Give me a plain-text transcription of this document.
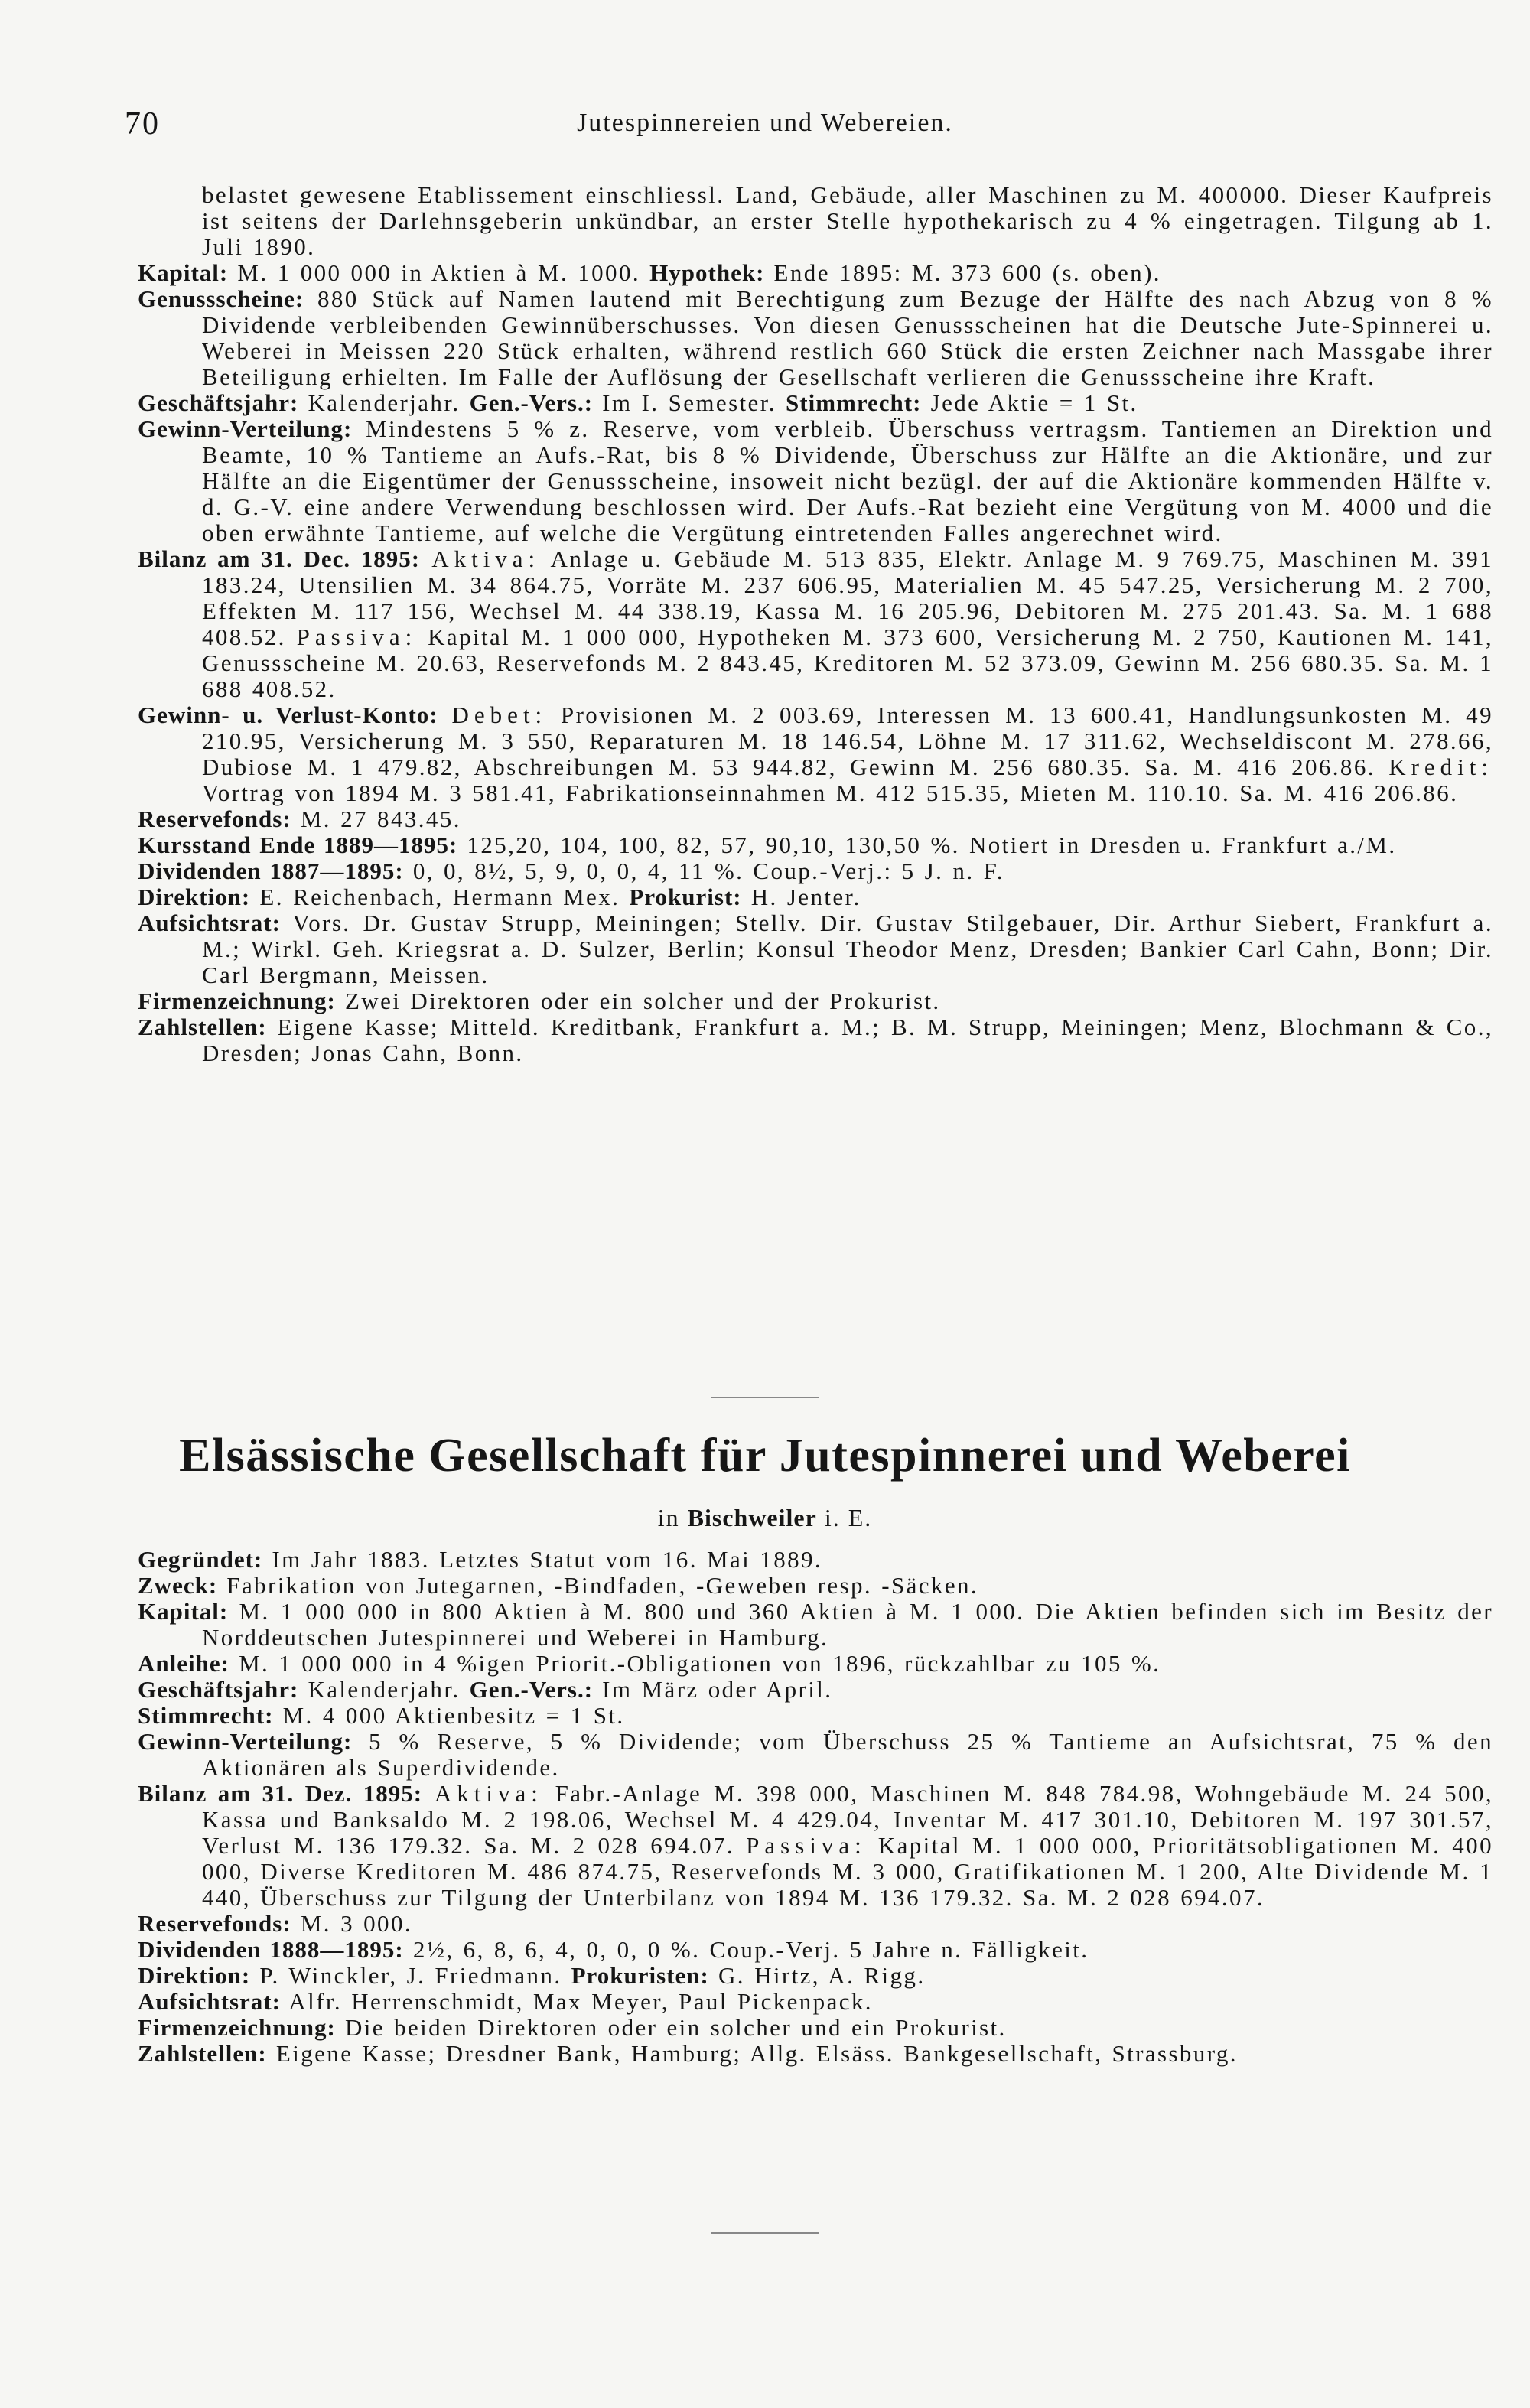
70	Jutespinnereien und Webereien.

belastet gewesene Etablissement einschliessl. Land, Gebäude, aller Maschinen zu M. 400000. Dieser Kaufpreis ist seitens der Darlehnsgeberin unkündbar, an erster Stelle hypothekarisch zu 4 % eingetragen. Tilgung ab 1. Juli 1890.

Kapital: M. 1 000 000 in Aktien à M. 1000. Hypothek: Ende 1895: M. 373 600 (s. oben).

Genussscheine: 880 Stück auf Namen lautend mit Berechtigung zum Bezuge der Hälfte des nach Abzug von 8 % Dividende verbleibenden Gewinnüberschusses. Von diesen Genussscheinen hat die Deutsche Jute-Spinnerei u. Weberei in Meissen 220 Stück erhalten, während restlich 660 Stück die ersten Zeichner nach Massgabe ihrer Beteiligung erhielten. Im Falle der Auflösung der Gesellschaft verlieren die Genussscheine ihre Kraft.

Geschäftsjahr: Kalenderjahr. Gen.-Vers.: Im I. Semester. Stimmrecht: Jede Aktie = 1 St.

Gewinn-Verteilung: Mindestens 5 % z. Reserve, vom verbleib. Überschuss vertragsm. Tantiemen an Direktion und Beamte, 10 % Tantieme an Aufs.-Rat, bis 8 % Dividende, Überschuss zur Hälfte an die Aktionäre, und zur Hälfte an die Eigentümer der Genussscheine, insoweit nicht bezügl. der auf die Aktionäre kommenden Hälfte v. d. G.-V. eine andere Verwendung beschlossen wird. Der Aufs.-Rat bezieht eine Vergütung von M. 4000 und die oben erwähnte Tantieme, auf welche die Vergütung eintretenden Falles angerechnet wird.

Bilanz am 31. Dec. 1895: Aktiva: Anlage u. Gebäude M. 513 835, Elektr. Anlage M. 9 769.75, Maschinen M. 391 183.24, Utensilien M. 34 864.75, Vorräte M. 237 606.95, Materialien M. 45 547.25, Versicherung M. 2 700, Effekten M. 117 156, Wechsel M. 44 338.19, Kassa M. 16 205.96, Debitoren M. 275 201.43. Sa. M. 1 688 408.52. Passiva: Kapital M. 1 000 000, Hypotheken M. 373 600, Versicherung M. 2 750, Kautionen M. 141, Genussscheine M. 20.63, Reservefonds M. 2 843.45, Kreditoren M. 52 373.09, Gewinn M. 256 680.35. Sa. M. 1 688 408.52.

Gewinn- u. Verlust-Konto: Debet: Provisionen M. 2 003.69, Interessen M. 13 600.41, Handlungsunkosten M. 49 210.95, Versicherung M. 3 550, Reparaturen M. 18 146.54, Löhne M. 17 311.62, Wechseldiscont M. 278.66, Dubiose M. 1 479.82, Abschreibungen M. 53 944.82, Gewinn M. 256 680.35. Sa. M. 416 206.86. Kredit: Vortrag von 1894 M. 3 581.41, Fabrikationseinnahmen M. 412 515.35, Mieten M. 110.10. Sa. M. 416 206.86.

Reservefonds: M. 27 843.45.

Kursstand Ende 1889—1895: 125,20, 104, 100, 82, 57, 90,10, 130,50 %. Notiert in Dresden u. Frankfurt a./M.

Dividenden 1887—1895: 0, 0, 8½, 5, 9, 0, 0, 4, 11 %. Coup.-Verj.: 5 J. n. F.

Direktion: E. Reichenbach, Hermann Mex. Prokurist: H. Jenter.

Aufsichtsrat: Vors. Dr. Gustav Strupp, Meiningen; Stellv. Dir. Gustav Stilgebauer, Dir. Arthur Siebert, Frankfurt a. M.; Wirkl. Geh. Kriegsrat a. D. Sulzer, Berlin; Konsul Theodor Menz, Dresden; Bankier Carl Cahn, Bonn; Dir. Carl Bergmann, Meissen.

Firmenzeichnung: Zwei Direktoren oder ein solcher und der Prokurist.

Zahlstellen: Eigene Kasse; Mitteld. Kreditbank, Frankfurt a. M.; B. M. Strupp, Meiningen; Menz, Blochmann & Co., Dresden; Jonas Cahn, Bonn.

Elsässische Gesellschaft für Jutespinnerei und Weberei
in Bischweiler i. E.

Gegründet: Im Jahr 1883. Letztes Statut vom 16. Mai 1889.

Zweck: Fabrikation von Jutegarnen, -Bindfaden, -Geweben resp. -Säcken.

Kapital: M. 1 000 000 in 800 Aktien à M. 800 und 360 Aktien à M. 1 000. Die Aktien befinden sich im Besitz der Norddeutschen Jutespinnerei und Weberei in Hamburg.

Anleihe: M. 1 000 000 in 4 %igen Priorit.-Obligationen von 1896, rückzahlbar zu 105 %.

Geschäftsjahr: Kalenderjahr. Gen.-Vers.: Im März oder April.

Stimmrecht: M. 4 000 Aktienbesitz = 1 St.

Gewinn-Verteilung: 5 % Reserve, 5 % Dividende; vom Überschuss 25 % Tantieme an Aufsichtsrat, 75 % den Aktionären als Superdividende.

Bilanz am 31. Dez. 1895: Aktiva: Fabr.-Anlage M. 398 000, Maschinen M. 848 784.98, Wohngebäude M. 24 500, Kassa und Banksaldo M. 2 198.06, Wechsel M. 4 429.04, Inventar M. 417 301.10, Debitoren M. 197 301.57, Verlust M. 136 179.32. Sa. M. 2 028 694.07. Passiva: Kapital M. 1 000 000, Prioritätsobligationen M. 400 000, Diverse Kreditoren M. 486 874.75, Reservefonds M. 3 000, Gratifikationen M. 1 200, Alte Dividende M. 1 440, Überschuss zur Tilgung der Unterbilanz von 1894 M. 136 179.32. Sa. M. 2 028 694.07.

Reservefonds: M. 3 000.

Dividenden 1888—1895: 2½, 6, 8, 6, 4, 0, 0, 0 %. Coup.-Verj. 5 Jahre n. Fälligkeit.

Direktion: P. Winckler, J. Friedmann. Prokuristen: G. Hirtz, A. Rigg.

Aufsichtsrat: Alfr. Herrenschmidt, Max Meyer, Paul Pickenpack.

Firmenzeichnung: Die beiden Direktoren oder ein solcher und ein Prokurist.

Zahlstellen: Eigene Kasse; Dresdner Bank, Hamburg; Allg. Elsäss. Bankgesellschaft, Strassburg.
